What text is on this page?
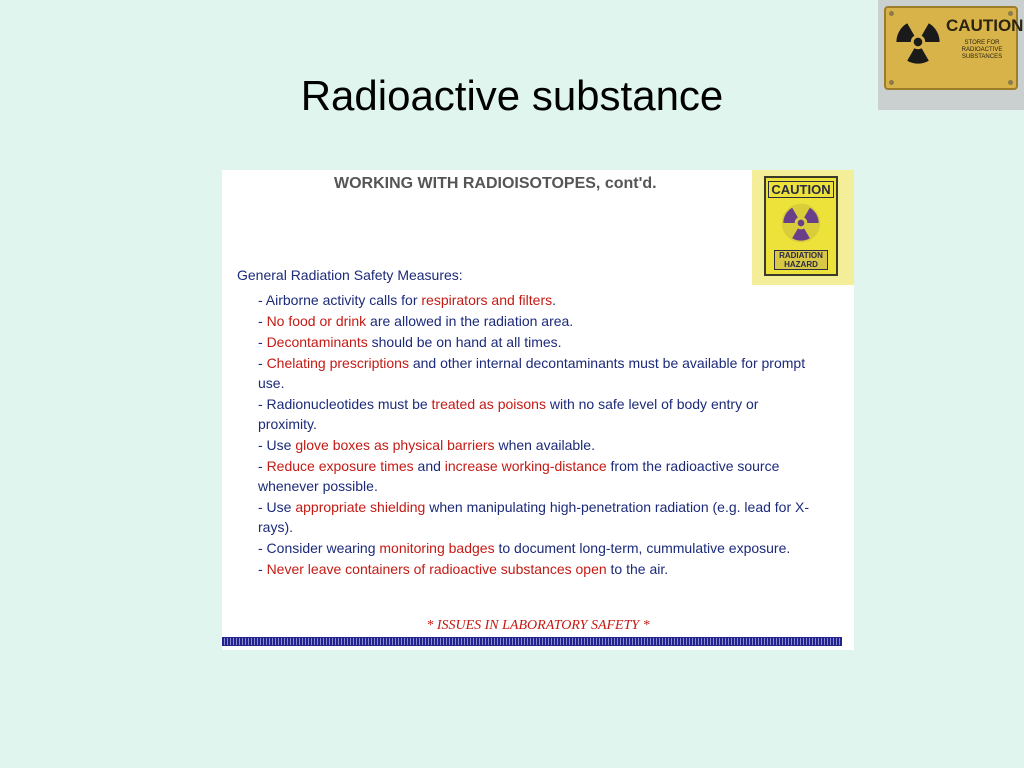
Radioactive substance
CAUTION
STORE FOR RADIOACTIVE SUBSTANCES
WORKING WITH RADIOISOTOPES, cont'd.	CAUTION
RADIATION HAZARD
General Radiation Safety Measures:
- Airborne activity calls for respirators and filters.
- No food or drink are allowed in the radiation area.
- Decontaminants should be on hand at all times.
- Chelating prescriptions and other internal decontaminants must be available for prompt use.
- Radionucleotides must be treated as poisons with no safe level of body entry or proximity.
- Use glove boxes as physical barriers when available.
- Reduce exposure times and increase working-distance from the radioactive source whenever possible.
- Use appropriate shielding when manipulating high-penetration radiation (e.g. lead for X-rays).
- Consider wearing monitoring badges to document long-term, cummulative exposure.
- Never leave containers of radioactive substances open to the air.
* ISSUES IN LABORATORY SAFETY *
